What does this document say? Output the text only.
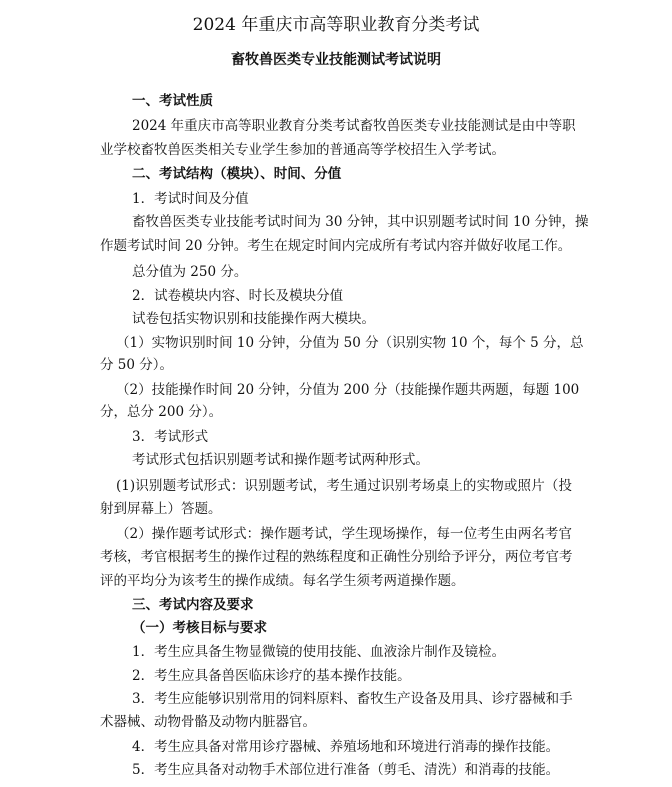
2024 年重庆市高等职业教育分类考试
畜牧兽医类专业技能测试考试说明
一、考试性质
2024 年重庆市高等职业教育分类考试畜牧兽医类专业技能测试是由中等职
业学校畜牧兽医类相关专业学生参加的普通高等学校招生入学考试。
二、考试结构（模块）、时间、分值
1．考试时间及分值
畜牧兽医类专业技能考试时间为 30 分钟，其中识别题考试时间 10 分钟，操
作题考试时间 20 分钟。考生在规定时间内完成所有考试内容并做好收尾工作。
总分值为 250 分。
2．试卷模块内容、时长及模块分值
试卷包括实物识别和技能操作两大模块。
（1）实物识别时间 10 分钟，分值为 50 分（识别实物 10 个，每个 5 分，总
分 50 分）。
（2）技能操作时间 20 分钟，分值为 200 分（技能操作题共两题，每题 100
分，总分 200 分）。
3．考试形式
考试形式包括识别题考试和操作题考试两种形式。
(1)识别题考试形式：识别题考试，考生通过识别考场桌上的实物或照片（投
射到屏幕上）答题。
（2）操作题考试形式：操作题考试，学生现场操作，每一位考生由两名考官
考核，考官根据考生的操作过程的熟练程度和正确性分别给予评分，两位考官考
评的平均分为该考生的操作成绩。每名学生须考两道操作题。
三、考试内容及要求
（一）考核目标与要求
1．考生应具备生物显微镜的使用技能、血液涂片制作及镜检。
2．考生应具备兽医临床诊疗的基本操作技能。
3．考生应能够识别常用的饲料原料、畜牧生产设备及用具、诊疗器械和手
术器械、动物骨骼及动物内脏器官。
4．考生应具备对常用诊疗器械、养殖场地和环境进行消毒的操作技能。
5．考生应具备对动物手术部位进行准备（剪毛、清洗）和消毒的技能。
